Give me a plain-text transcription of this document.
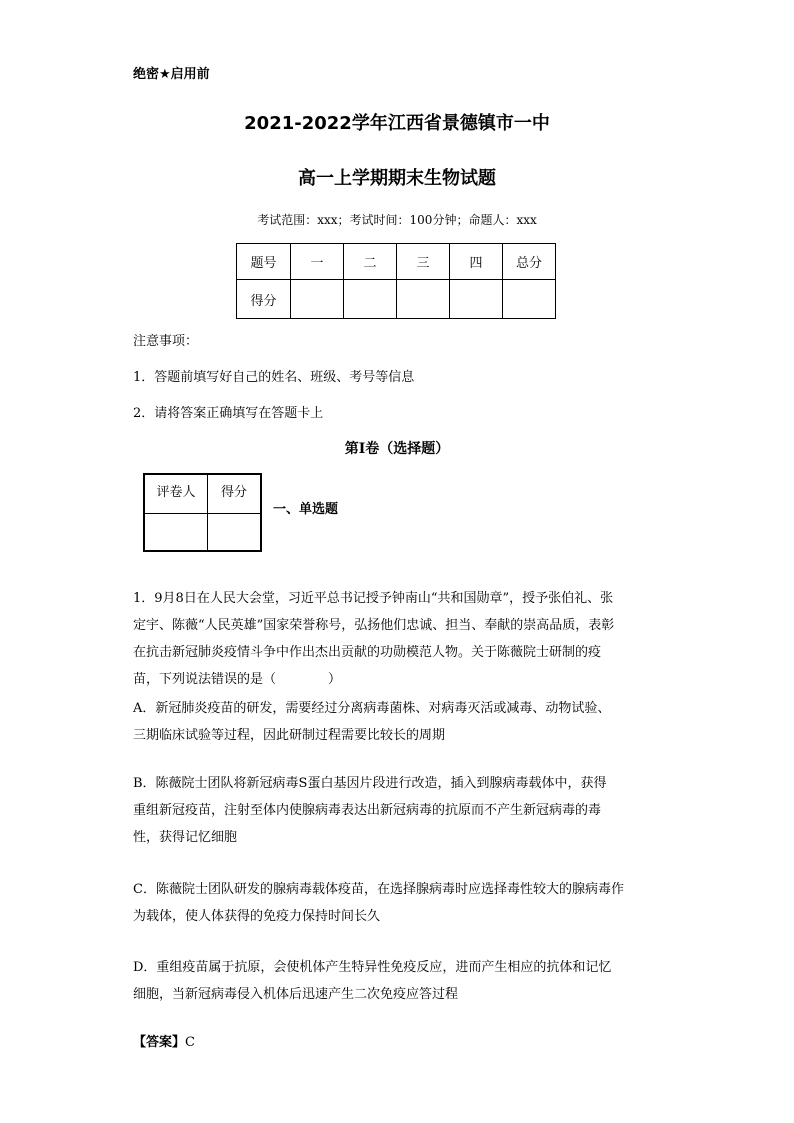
绝密★启用前
2021-2022学年江西省景德镇市一中
高一上学期期末生物试题
考试范围：xxx；考试时间：100分钟；命题人：xxx
题号	一	二	三	四	总分
得分					
注意事项：
1．答题前填写好自己的姓名、班级、考号等信息
2．请将答案正确填写在答题卡上
第I卷（选择题）
评卷人	得分

一、单选题
1．9月8日在人民大会堂，习近平总书记授予钟南山“共和国勋章”，授予张伯礼、张
定宇、陈薇“人民英雄”国家荣誉称号，弘扬他们忠诚、担当、奉献的崇高品质，表彰
在抗击新冠肺炎疫情斗争中作出杰出贡献的功勋模范人物。关于陈薇院士研制的疫
苗，下列说法错误的是（　　　　）
A．新冠肺炎疫苗的研发，需要经过分离病毒菌株、对病毒灭活或减毒、动物试验、
三期临床试验等过程，因此研制过程需要比较长的周期
B．陈薇院士团队将新冠病毒S蛋白基因片段进行改造，插入到腺病毒载体中，获得
重组新冠疫苗，注射至体内使腺病毒表达出新冠病毒的抗原而不产生新冠病毒的毒
性，获得记忆细胞
C．陈薇院士团队研发的腺病毒载体疫苗，在选择腺病毒时应选择毒性较大的腺病毒作
为载体，使人体获得的免疫力保持时间长久
D．重组疫苗属于抗原，会使机体产生特异性免疫反应，进而产生相应的抗体和记忆
细胞，当新冠病毒侵入机体后迅速产生二次免疫应答过程
【答案】C
